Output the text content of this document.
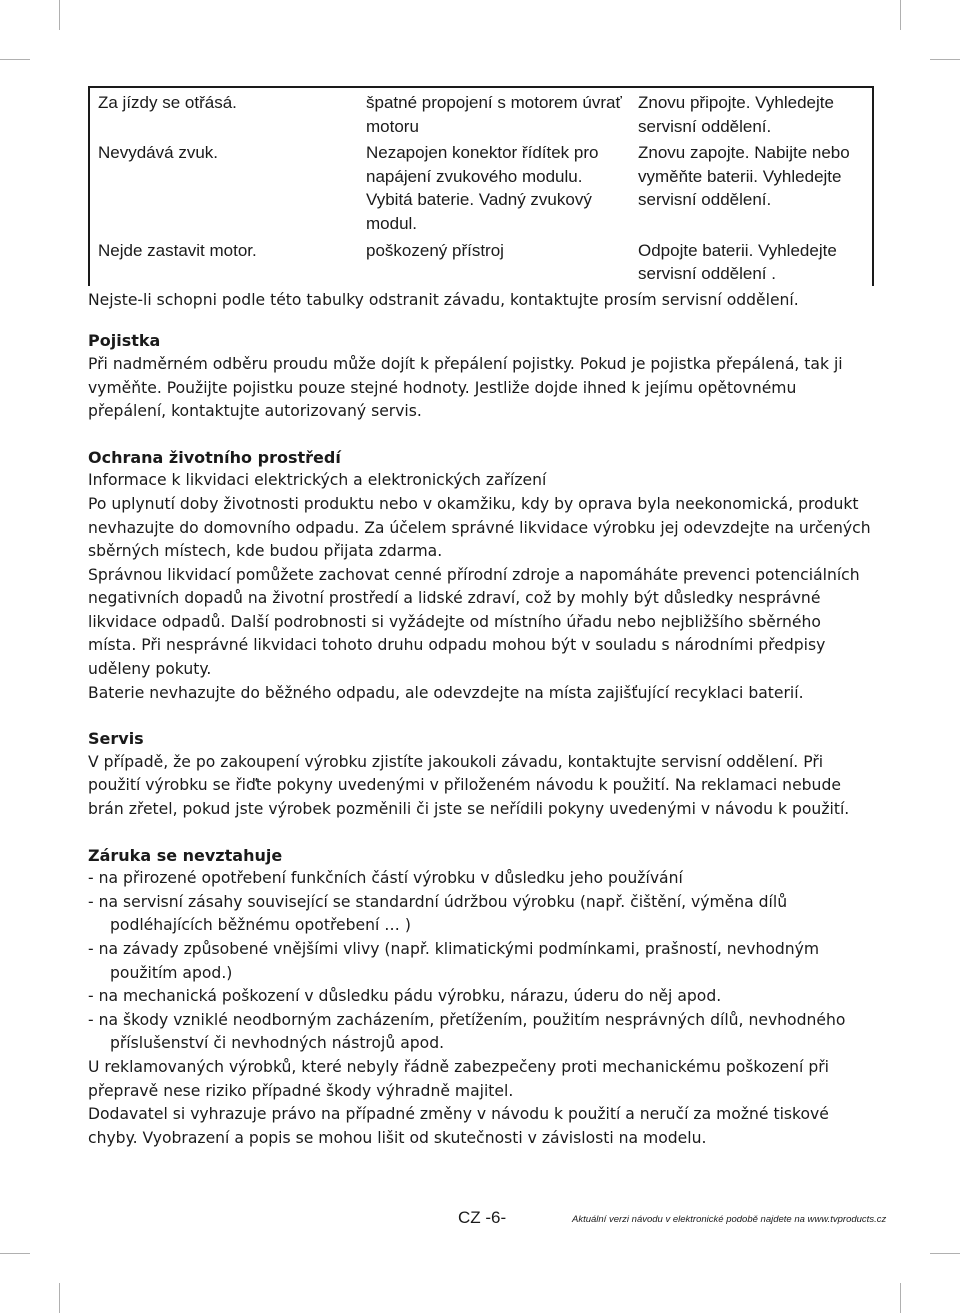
Za jízdy se otřásá.	špatné propojení s motorem úvrať motoru	Znovu připojte. Vyhledejte servisní oddělení.
Nevydává zvuk.	Nezapojen konektor řídítek pro napájení zvukového modulu. Vybitá baterie. Vadný zvukový modul.	Znovu zapojte. Nabijte nebo vyměňte baterii. Vyhledejte servisní oddělení.
Nejde zastavit motor.	poškozený přístroj	Odpojte baterii. Vyhledejte servisní oddělení .

Nejste-li schopni podle této tabulky odstranit závadu, kontaktujte prosím servisní oddělení.

Pojistka

Při nadměrném odběru proudu může dojít k přepálení pojistky. Pokud je pojistka přepálená, tak ji vyměňte. Použijte pojistku pouze stejné hodnoty. Jestliže dojde ihned k jejímu opětovnému přepálení, kontaktujte autorizovaný servis.

Ochrana životního prostředí

Informace k likvidaci elektrických a elektronických zařízení

Po uplynutí doby životnosti produktu nebo v okamžiku, kdy by oprava byla neekonomická, produkt nevhazujte do domovního odpadu. Za účelem správné likvidace výrobku jej odevzdejte na určených sběrných místech, kde budou přijata zdarma.

Správnou likvidací pomůžete zachovat cenné přírodní zdroje a napomáháte prevenci potenciálních negativních dopadů na životní prostředí a lidské zdraví, což by mohly být důsledky nesprávné likvidace odpadů. Další podrobnosti si vyžádejte od místního úřadu nebo nejbližšího sběrného místa. Při nesprávné likvidaci tohoto druhu odpadu mohou být v souladu s národními předpisy uděleny pokuty.

Baterie nevhazujte do běžného odpadu, ale odevzdejte na místa zajišťující recyklaci baterií.

Servis

V případě, že po zakoupení výrobku zjistíte jakoukoli závadu, kontaktujte servisní oddělení. Při použití výrobku se řiďte pokyny uvedenými v přiloženém návodu k použití. Na reklamaci nebude brán zřetel, pokud jste výrobek pozměnili či jste se neřídili pokyny uvedenými v návodu k použití.

Záruka se nevztahuje

- na přirozené opotřebení funkčních částí výrobku v důsledku jeho používání

- na servisní zásahy související se standardní údržbou výrobku (např. čištění, výměna dílů podléhajících běžnému opotřebení … )

- na závady způsobené vnějšími vlivy (např. klimatickými podmínkami, prašností, nevhodným použitím apod.)

- na mechanická poškození v důsledku pádu výrobku, nárazu, úderu do něj apod.

- na škody vzniklé neodborným zacházením, přetížením, použitím nesprávných dílů, nevhodného příslušenství či nevhodných nástrojů apod.

U reklamovaných výrobků, které nebyly řádně zabezpečeny proti mechanickému poškození při přepravě nese riziko případné škody výhradně majitel.

Dodavatel si vyhrazuje právo na případné změny v návodu k použití a neručí za možné tiskové chyby. Vyobrazení a popis se mohou lišit od skutečnosti v závislosti na modelu.

CZ -6-	Aktuální verzi návodu v elektronické podobě najdete na www.tvproducts.cz
